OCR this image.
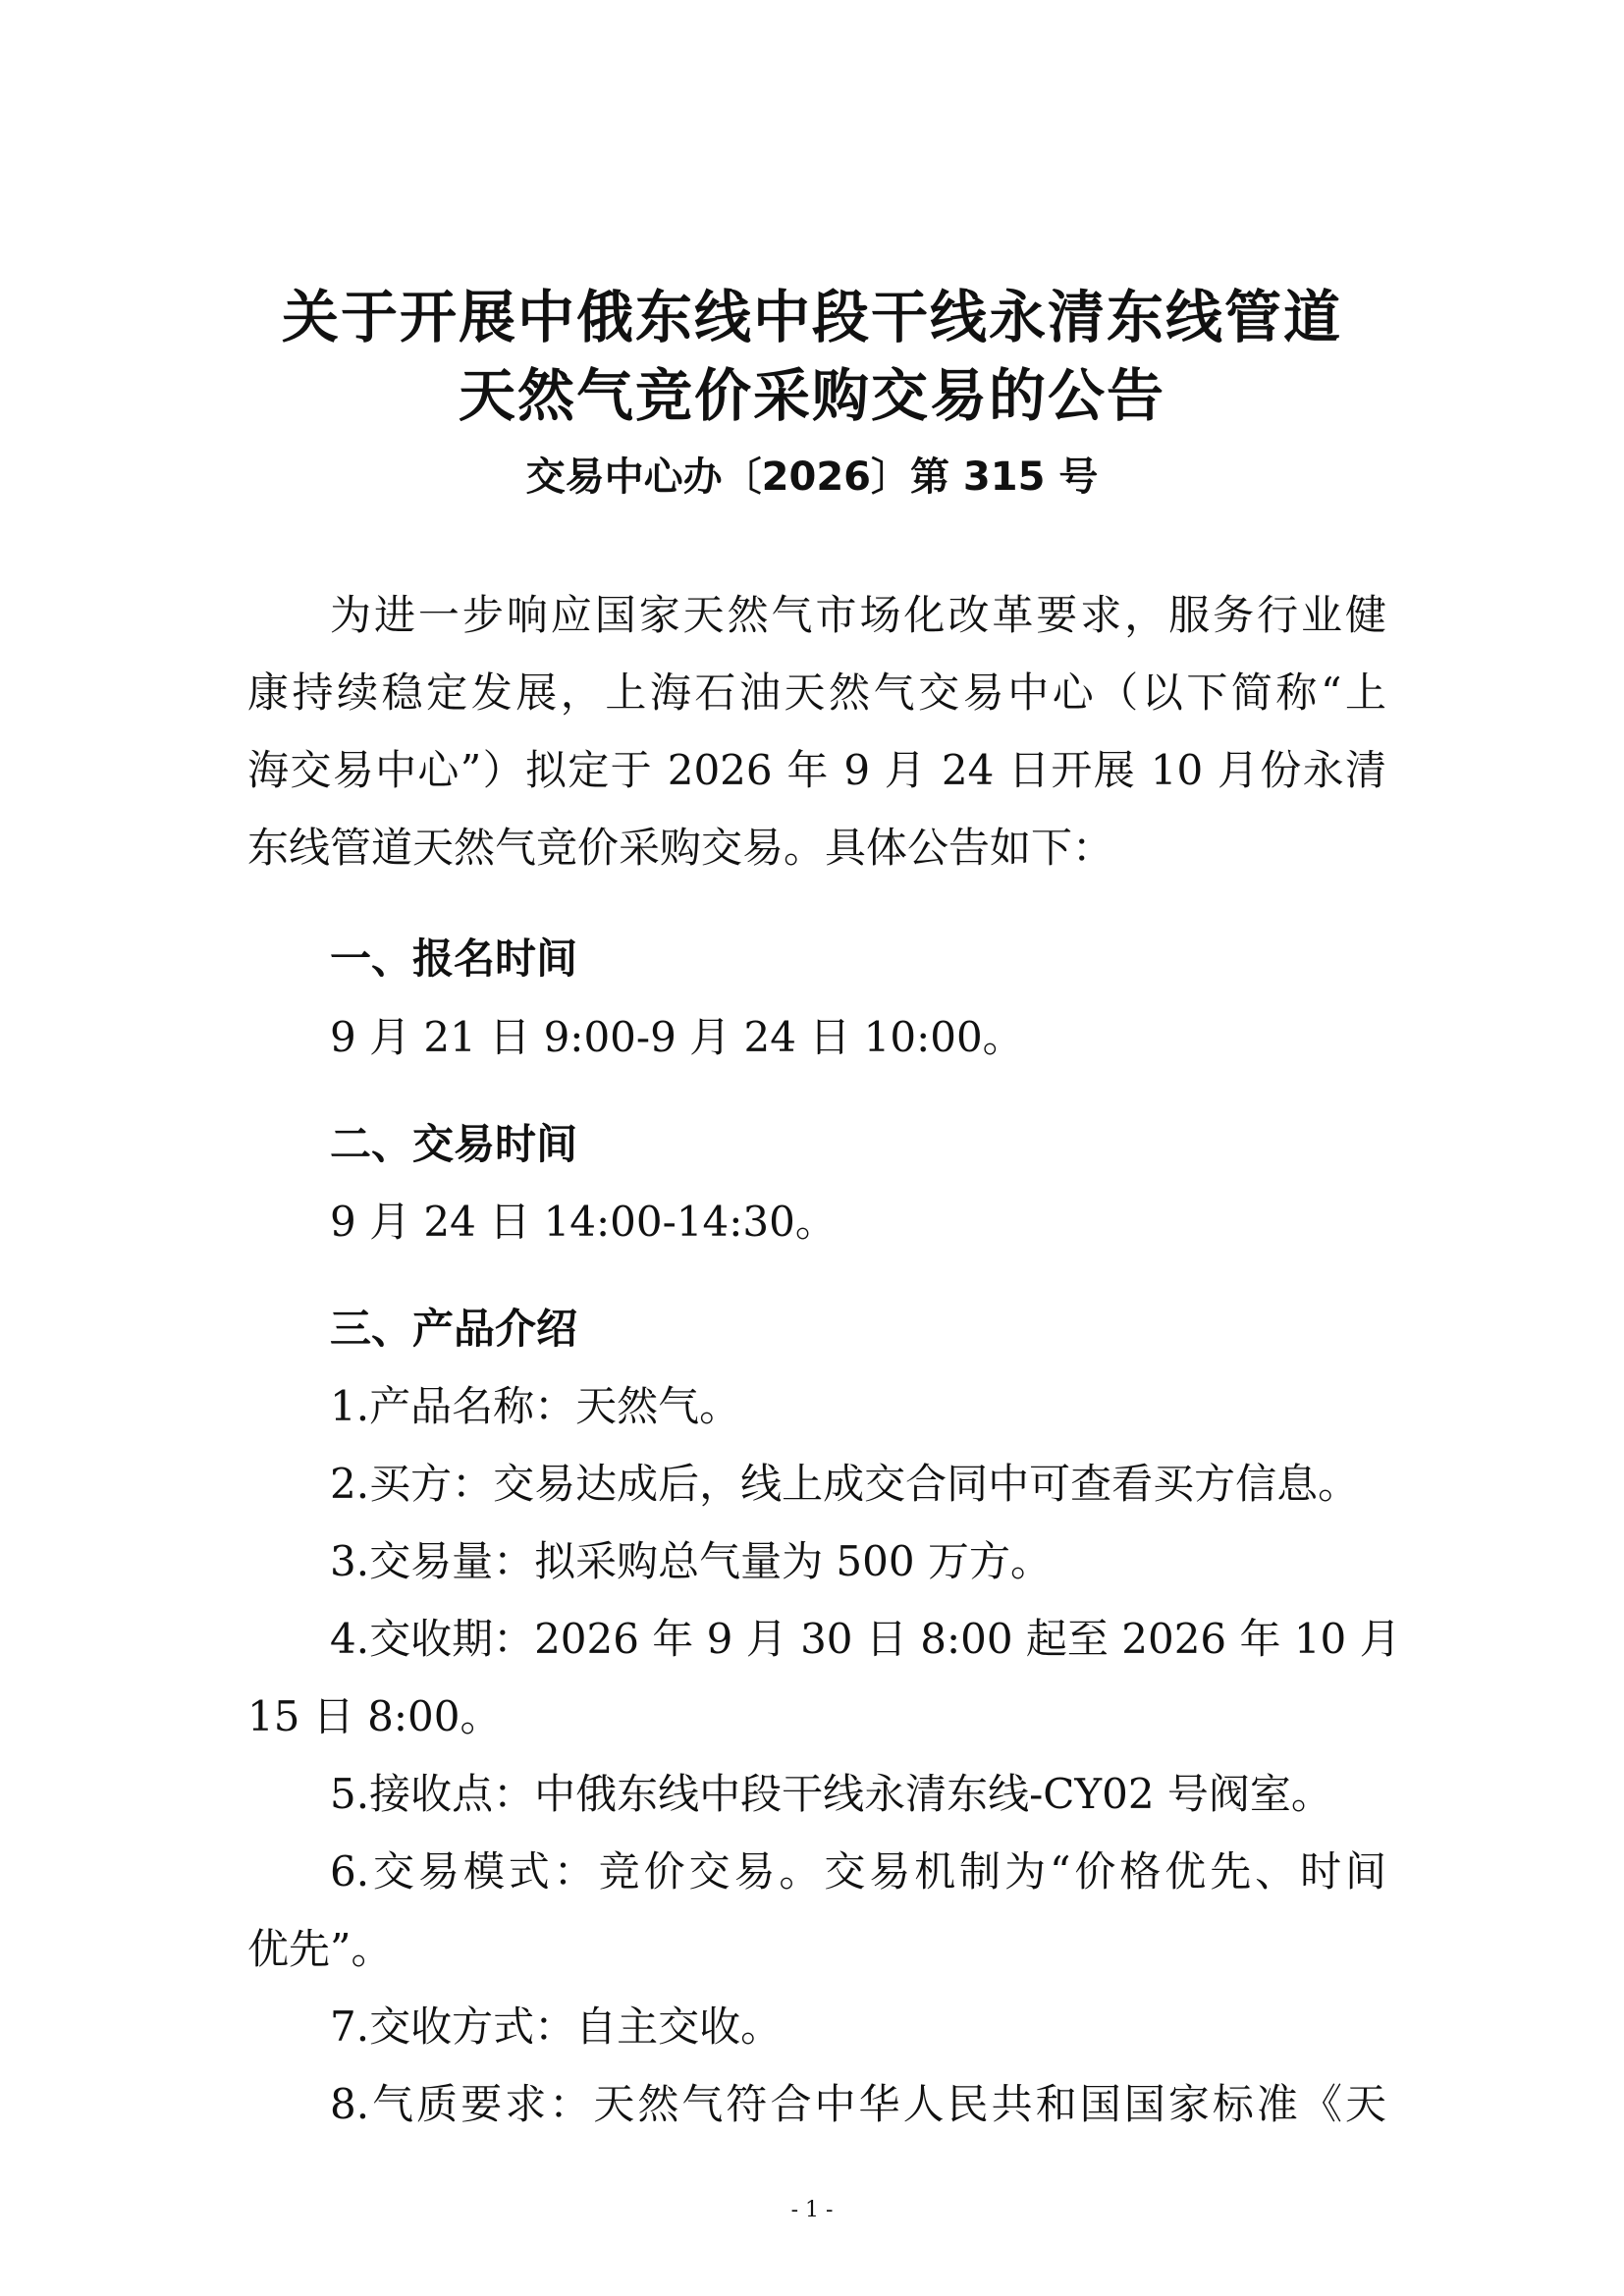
关于开展中俄东线中段干线永清东线管道
天然气竞价采购交易的公告
交易中心办〔2026〕第 315 号
为进一步响应国家天然气市场化改革要求，服务行业健
康持续稳定发展，上海石油天然气交易中心（以下简称“上
海交易中心”）拟定于 2026 年 9 月 24 日开展 10 月份永清
东线管道天然气竞价采购交易。具体公告如下：
一、报名时间
9 月 21 日 9:00-9 月 24 日 10:00。
二、交易时间
9 月 24 日 14:00-14:30。
三、产品介绍
1.产品名称：天然气。
2.买方：交易达成后，线上成交合同中可查看买方信息。
3.交易量：拟采购总气量为 500 万方。
4.交收期：2026 年 9 月 30 日 8:00 起至 2026 年 10 月
15 日 8:00。
5.接收点：中俄东线中段干线永清东线-CY02 号阀室。
6.交易模式：竞价交易。交易机制为“价格优先、时间
优先”。
7.交收方式：自主交收。
8.气质要求：天然气符合中华人民共和国国家标准《天
- 1 -
